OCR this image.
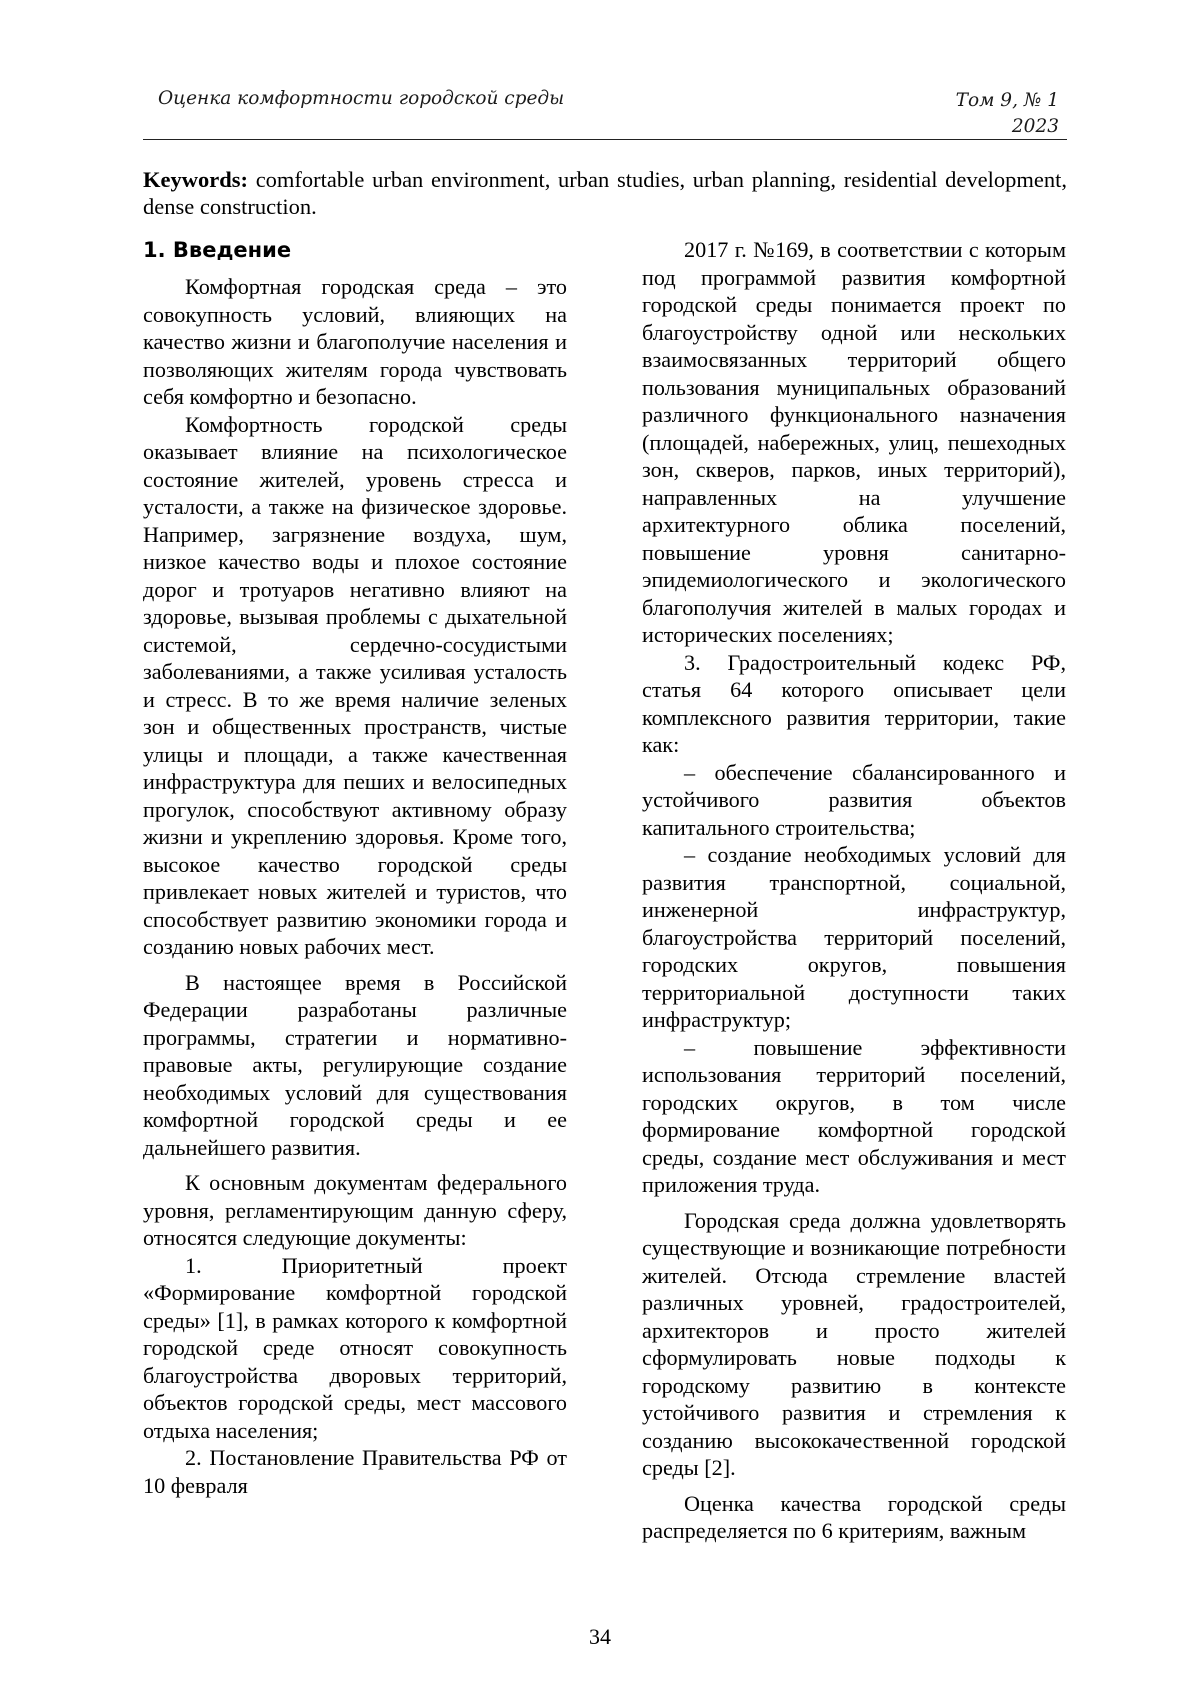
Оценка комфортности городской среды	Том 9, № 1
2023
Keywords: comfortable urban environment, urban studies, urban planning, residential development, dense construction.
1. Введение

Комфортная городская среда – это совокупность условий, влияющих на качество жизни и благополучие населения и позволяющих жителям города чувствовать себя комфортно и безопасно.

Комфортность городской среды оказывает влияние на психологическое состояние жителей, уровень стресса и усталости, а также на физическое здоровье. Например, загрязнение воздуха, шум, низкое качество воды и плохое состояние дорог и тротуаров негативно влияют на здоровье, вызывая проблемы с дыхательной системой, сердечно-сосудистыми заболеваниями, а также усиливая усталость и стресс. В то же время наличие зеленых зон и общественных пространств, чистые улицы и площади, а также качественная инфраструктура для пеших и велосипедных прогулок, способствуют активному образу жизни и укреплению здоровья. Кроме того, высокое качество городской среды привлекает новых жителей и туристов, что способствует развитию экономики города и созданию новых рабочих мест.

В настоящее время в Российской Федерации разработаны различные программы, стратегии и нормативно-правовые акты, регулирующие создание необходимых условий для существования комфортной городской среды и ее дальнейшего развития.

К основным документам федерального уровня, регламентирующим данную сферу, относятся следующие документы:

1. Приоритетный проект «Формирование комфортной городской среды» [1], в рамках которого к комфортной городской среде относят совокупность благоустройства дворовых территорий, объектов городской среды, мест массового отдыха населения;

2. Постановление Правительства РФ от 10 февраля

2017 г. №169, в соответствии с которым под программой развития комфортной городской среды понимается проект по благоустройству одной или нескольких взаимосвязанных территорий общего пользования муниципальных образований различного функционального назначения (площадей, набережных, улиц, пешеходных зон, скверов, парков, иных территорий), направленных на улучшение архитектурного облика поселений, повышение уровня санитарно-эпидемиологического и экологического благополучия жителей в малых городах и исторических поселениях;

3. Градостроительный кодекс РФ, статья 64 которого описывает цели комплексного развития территории, такие как:

– обеспечение сбалансированного и устойчивого развития объектов капитального строительства;

– создание необходимых условий для развития транспортной, социальной, инженерной инфраструктур, благоустройства территорий поселений, городских округов, повышения территориальной доступности таких инфраструктур;

– повышение эффективности использования территорий поселений, городских округов, в том числе формирование комфортной городской среды, создание мест обслуживания и мест приложения труда.

Городская среда должна удовлетворять существующие и возникающие потребности жителей. Отсюда стремление властей различных уровней, градостроителей, архитекторов и просто жителей сформулировать новые подходы к городскому развитию в контексте устойчивого развития и стремления к созданию высококачественной городской среды [2].

Оценка качества городской среды распределяется по 6 критериям, важным

34
